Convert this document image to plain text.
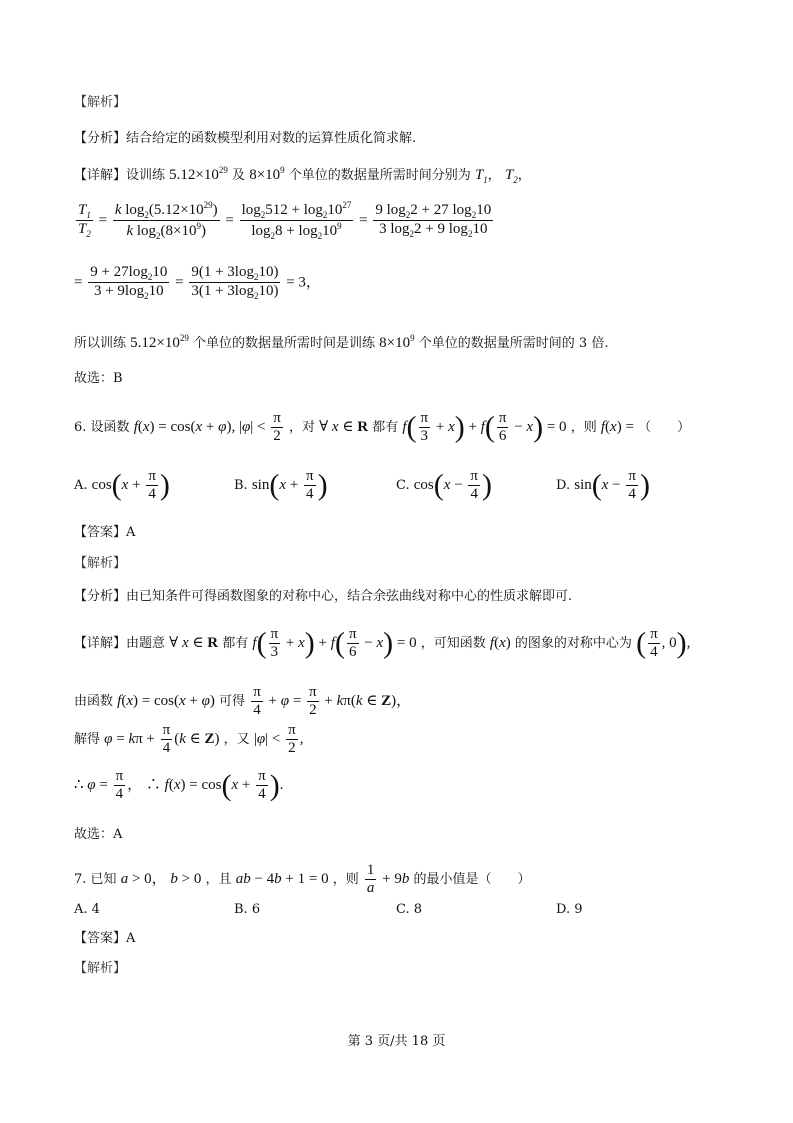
【解析】
【分析】结合给定的函数模型利用对数的运算性质化简求解.
【详解】设训练 $5.12\times 10^{29}$ 及 $8\times 10^9$ 个单位的数据量所需时间分别为 $T_1$， $T_2$，
$\frac{T_1}{T_2} = \frac{k \log_2(5.12\times 10^{29})}{k \log_2(8\times 10^9)} = \frac{\log_2512 + \log_210^{27}}{\log_28 + \log_210^9} = \frac{9 \log_22 + 27 \log_210}{3 \log_22 + 9 \log_210}$
= $\frac{9 + 27\log_210}{3 + 9\log_210} = \frac{9(1 + 3\log_210)}{3(1 + 3\log_210)} = 3$，
所以训练 $5.12\times 10^{29}$ 个单位的数据量所需时间是训练 $8\times 10^9$ 个单位的数据量所需时间的 3 倍.
故选：B
6. 设函数 f(x) = cos(x + φ), $|\varphi| < \frac{\pi}{2}$ ，对 ∀ x ∈ R 都有 $f( \frac{\pi}{3} + x) + f( \frac{\pi}{6} - x) = 0$ ，则 f(x) = （　　）
A. $\cos(x + \frac{\pi}{4}$ )	B. $\sin(x + \frac{\pi}{4}$ )	C. $\cos(x - \frac{\pi}{4}$ )	D. $\sin(x - \frac{\pi}{4}$ )
【答案】A
【解析】
【分析】由已知条件可得函数图象的对称中心，结合余弦曲线对称中心的性质求解即可.
【详解】由题意 ∀ x ∈ R 都有 $f( \frac{\pi}{3} + x) + f( \frac{\pi}{6} - x) = 0$ ，可知函数 f(x) 的图象的对称中心为 ( $\frac{\pi}{4}$ , 0),
由函数 f(x) = cos(x + φ) 可得 $\frac{\pi}{4} + \varphi = \frac{\pi}{2} + k\pi(k$ ∈ Z)，
解得 $\varphi = k\pi + \frac{\pi}{4} (k$ ∈ Z) ，又 $|\varphi| < \frac{\pi}{2}$ ,
∴ $\varphi = \frac{\pi}{4}$ ， ∴ $f(x) = \cos(x + \frac{\pi}{4}$ ).
故选：A
7. 已知 a > 0， b > 0 ，且 ab − 4b + 1 = 0 ，则 $\frac{1}{a} + 9b$ 的最小值是（　　）
A. 4	B. 6	C. 8	D. 9
【答案】A
【解析】
第 3 页/共 18 页
